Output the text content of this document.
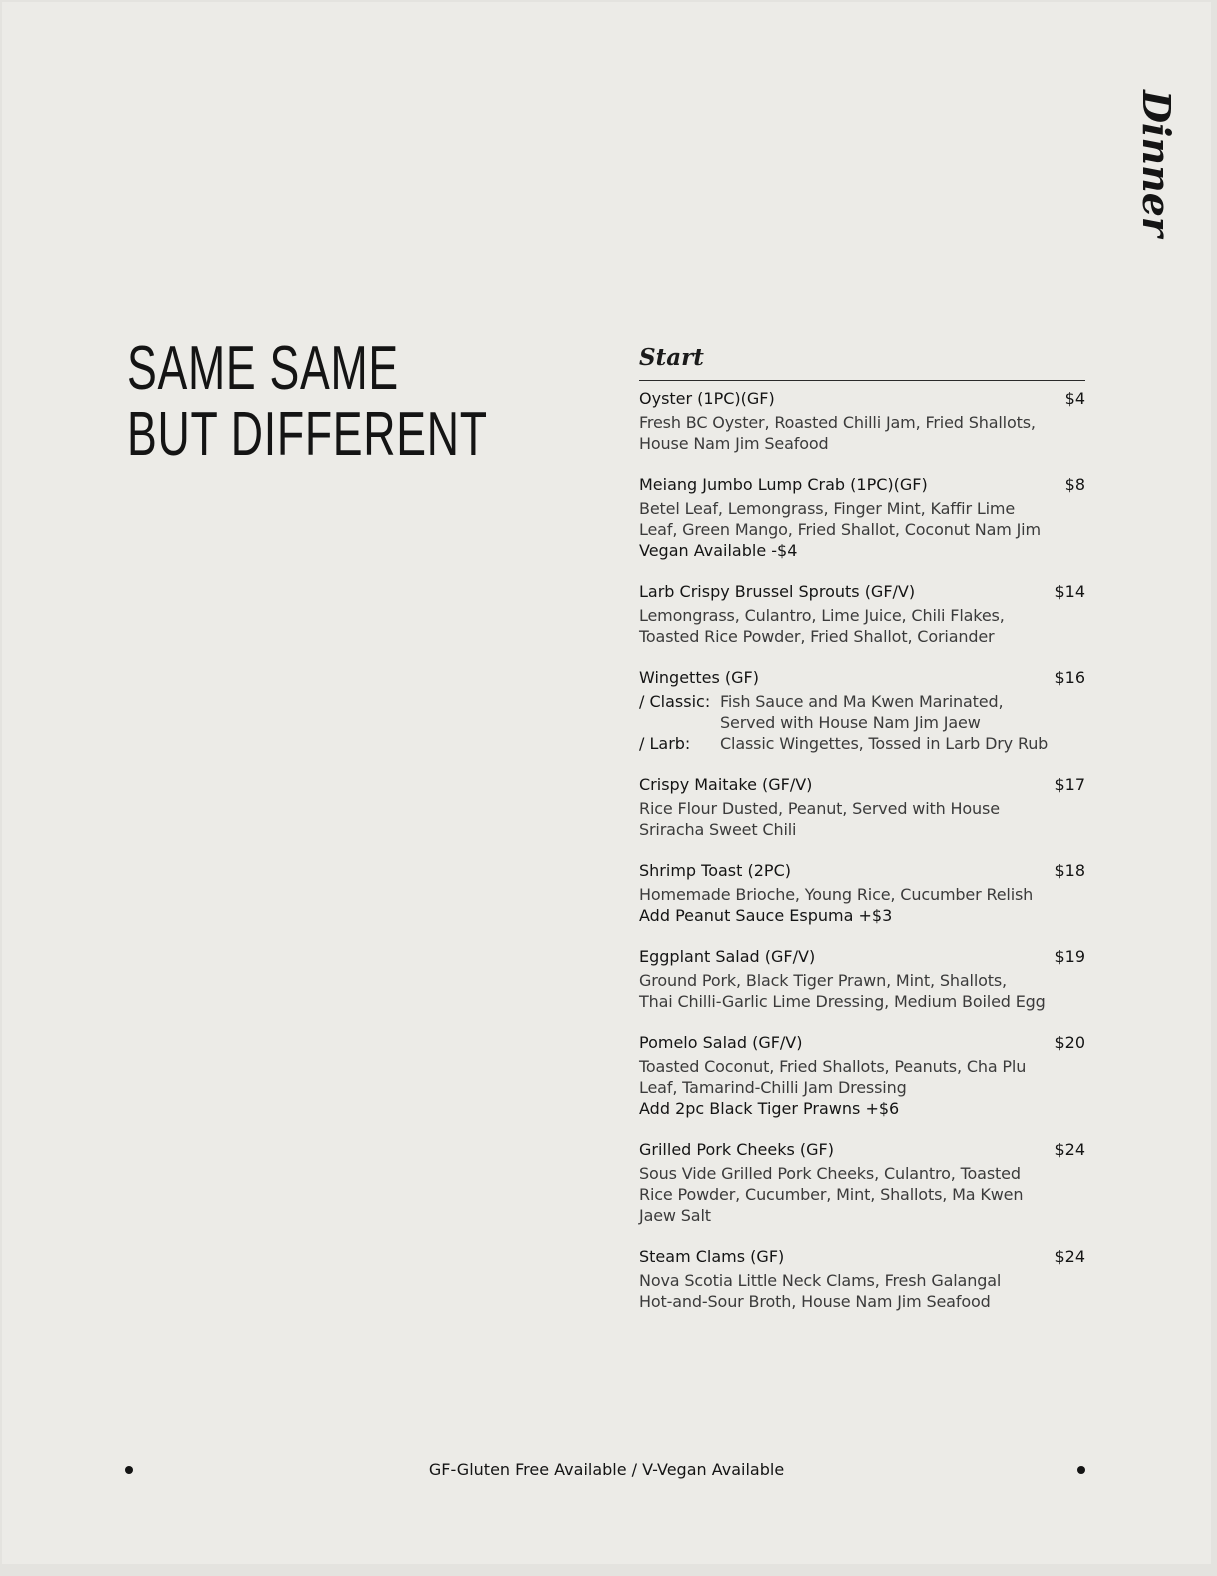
SAME SAME
BUT DIFFERENT
Dinner
Start
Oyster (1PC)(GF)	$4
Fresh BC Oyster, Roasted Chilli Jam, Fried Shallots,
House Nam Jim Seafood
Meiang Jumbo Lump Crab (1PC)(GF)	$8
Betel Leaf, Lemongrass, Finger Mint, Kaffir Lime
Leaf, Green Mango, Fried Shallot, Coconut Nam Jim
Vegan Available -$4
Larb Crispy Brussel Sprouts (GF/V)	$14
Lemongrass, Culantro, Lime Juice, Chili Flakes,
Toasted Rice Powder, Fried Shallot, Coriander
Wingettes (GF)	$16
/ Classic: Fish Sauce and Ma Kwen Marinated,
Served with House Nam Jim Jaew
/ Larb:	Classic Wingettes, Tossed in Larb Dry Rub
Crispy Maitake (GF/V)	$17
Rice Flour Dusted, Peanut, Served with House
Sriracha Sweet Chili
Shrimp Toast (2PC)	$18
Homemade Brioche, Young Rice, Cucumber Relish
Add Peanut Sauce Espuma +$3
Eggplant Salad (GF/V)	$19
Ground Pork, Black Tiger Prawn, Mint, Shallots,
Thai Chilli-Garlic Lime Dressing, Medium Boiled Egg
Pomelo Salad (GF/V)	$20
Toasted Coconut, Fried Shallots, Peanuts, Cha Plu
Leaf, Tamarind-Chilli Jam Dressing
Add 2pc Black Tiger Prawns +$6
Grilled Pork Cheeks (GF)	$24
Sous Vide Grilled Pork Cheeks, Culantro, Toasted
Rice Powder, Cucumber, Mint, Shallots, Ma Kwen
Jaew Salt
Steam Clams (GF)	$24
Nova Scotia Little Neck Clams, Fresh Galangal
Hot-and-Sour Broth, House Nam Jim Seafood
GF-Gluten Free Available / V-Vegan Available
